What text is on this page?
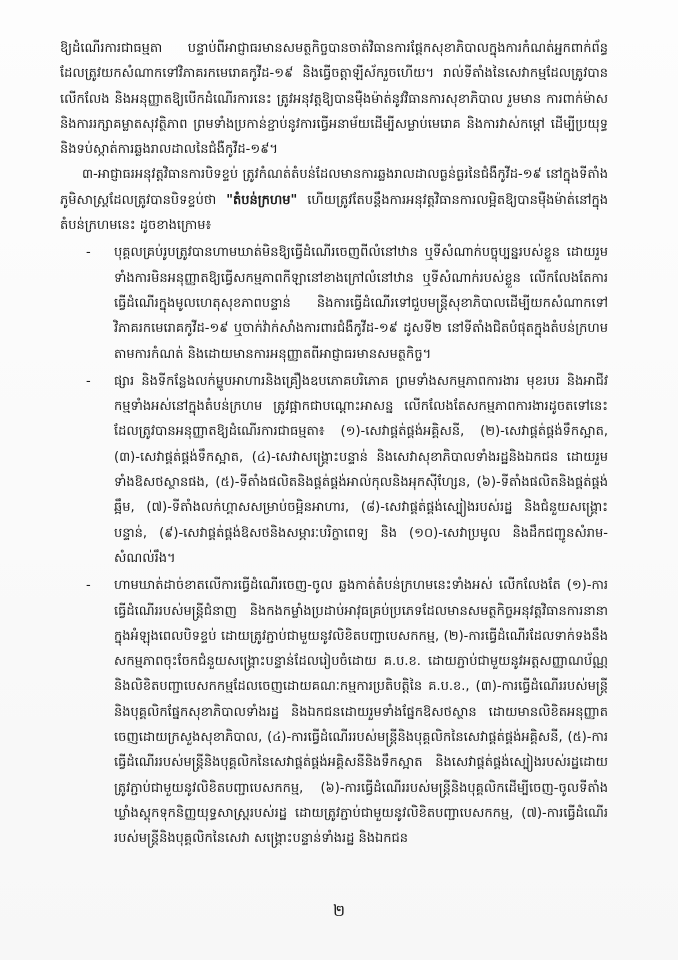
ឱ្យដំណើរការជាធម្មតា បន្ទាប់ពីអាជ្ញាធរមានសមត្ថកិច្ចបានចាត់វិធានការផ្ដែកសុខាភិបាលក្នុងការកំណត់អ្នកពាក់ព័ន្ធដែលត្រូវយកសំណាកទៅវិភាគរកមេរោគកូវីដ-១៩ និងធ្វើចត្តាឡីស័ករួចហើយ។ រាល់ទីតាំងនៃសេវាកម្មដែលត្រូវបានលើកលែង និងអនុញ្ញាតឱ្យបើកដំណើរការនេះ ត្រូវអនុវត្តឱ្យបានម៉ឺងម៉ាត់នូវវិធានការសុខាភិបាល រួមមាន ការពាក់ម៉ាស និងការរក្សាគម្លាតសុវត្ថិភាព ព្រមទាំងប្រកាន់ខ្ជាប់នូវការធ្វើអនាម័យដើម្បីសម្លាប់មេរោគ និងការវាស់កម្ដៅ ដើម្បីប្រយុទ្ធនិងទប់ស្កាត់ការឆ្លងរាលដាលនៃជំងឺកូវីដ-១៩។

៣-អាជ្ញាធរអនុវត្តវិធានការបិទខ្ទប់ ត្រូវកំណត់តំបន់ដែលមានការឆ្លងរាលដាលធ្ងន់ធ្ងរនៃជំងឺកូវីដ-១៩ នៅក្នុងទីតាំងភូមិសាស្ត្រដែលត្រូវបានបិទខ្ទប់ថា "តំបន់ក្រហម" ហើយត្រូវតែបន្ដឹងការអនុវត្តវិធានការលម្អិតឱ្យបានម៉ឺងម៉ាត់នៅក្នុងតំបន់ក្រហមនេះ ដូចខាងក្រោម៖

- បុគ្គលគ្រប់រូបត្រូវបានហាមឃាត់មិនឱ្យធ្វើដំណើរចេញពីលំនៅឋាន ឬទីសំណាក់បច្ចុប្បន្នរបស់ខ្លួន ដោយរួមទាំងការមិនអនុញ្ញាតឱ្យធ្វើសកម្មភាពកីឡានៅខាងក្រៅលំនៅឋាន ឬទីសំណាក់របស់ខ្លួន លើកលែងតែការធ្វើដំណើរក្នុងមូលហេតុសុខភាពបន្ទាន់ និងការធ្វើដំណើរទៅជួបមន្ត្រីសុខាភិបាលដើម្បីយកសំណាកទៅវិភាគរកមេរោគកូវីដ-១៩ ឬចាក់វ៉ាក់សាំងការពារជំងឺកូវីដ-១៩ ដូសទី២ នៅទីតាំងជិតបំផុតក្នុងតំបន់ក្រហមតាមការកំណត់ និងដោយមានការអនុញ្ញាតពីអាជ្ញាធរមានសមត្ថកិច្ច។
- ផ្សារ និងទីកន្លែងលក់ម្ហូបអាហារនិងគ្រឿងឧបភោគបរិភោគ ព្រមទាំងសកម្មភាពការងារ មុខរបរ និងអាជីវកម្មទាំងអស់នៅក្នុងតំបន់ក្រហម ត្រូវផ្អាកជាបណ្ដោះអាសន្ន លើកលែងតែសកម្មភាពការងារដូចតទៅនេះ ដែលត្រូវបានអនុញ្ញាតឱ្យដំណើរការជាធម្មតា៖ (១)-សេវាផ្គត់ផ្គង់អគ្គិសនី, (២)-សេវាផ្គត់ផ្គង់ទឹកស្អាត, (៣)-សេវាផ្គត់ផ្គង់ទឹកស្អាត, (៤)-សេវាសង្គ្រោះបន្ទាន់ និងសេវាសុខាភិបាលទាំងរដ្ឋនិងឯកជន ដោយរួមទាំងឱសថស្ថានផង, (៥)-ទីតាំងផលិតនិងផ្គត់ផ្គង់អាល់កុលនិងអុកស៊ីហ្សែន, (៦)-ទីតាំងផលិតនិងផ្គត់ផ្គង់ឆ្អឹម, (៧)-ទីតាំងលក់ហ្គាសសម្រាប់ចម្អិនអាហារ, (៨)-សេវាផ្គត់ផ្គង់ស្បៀងរបស់រដ្ឋ និងជំនួយសង្គ្រោះបន្ទាន់, (៩)-សេវាផ្គត់ផ្គង់ឱសថនិងសម្ភារៈបរិក្ខាពេទ្យ និង (១០)-សេវាប្រមូល និងដឹកជញ្ជូនសំរាម-សំណល់រឹង។
- ហាមឃាត់ដាច់ខាតលើការធ្វើដំណើរចេញ-ចូល ឆ្លងកាត់តំបន់ក្រហមនេះទាំងអស់ លើកលែងតែ (១)-ការធ្វើដំណើររបស់មន្ត្រីជំនាញ និងកងកម្លាំងប្រដាប់អាវុធគ្រប់ប្រភេទដែលមានសមត្ថកិច្ចអនុវត្តវិធានការនានាក្នុងអំឡុងពេលបិទខ្ទប់ ដោយត្រូវភ្ជាប់ជាមួយនូវលិខិតបញ្ជាបេសកកម្ម, (២)-ការធ្វើដំណើរដែលទាក់ទងនឹងសកម្មភាពចុះចែកជំនួយសង្គ្រោះបន្ទាន់ដែលរៀបចំដោយ គ.ប.ខ. ដោយភ្ជាប់ជាមួយនូវអត្តសញ្ញាណប័ណ្ណ និងលិខិតបញ្ជាបេសកកម្មដែលចេញដោយគណៈកម្មការប្រតិបត្តិនៃ គ.ប.ខ., (៣)-ការធ្វើដំណើររបស់មន្ត្រីនិងបុគ្គលិកផ្នែកសុខាភិបាលទាំងរដ្ឋ និងឯកជនដោយរួមទាំងផ្នែកឱសថស្ថាន ដោយមានលិខិតអនុញ្ញាតចេញដោយក្រសួងសុខាភិបាល, (៤)-ការធ្វើដំណើររបស់មន្ត្រីនិងបុគ្គលិកនៃសេវាផ្គត់ផ្គង់អគ្គិសនី, (៥)-ការធ្វើដំណើររបស់មន្ត្រីនិងបុគ្គលិកនៃសេវាផ្គត់ផ្គង់អគ្គិសនីនិងទឹកស្អាត និងសេវាផ្គត់ផ្គង់ស្បៀងរបស់រដ្ឋដោយត្រូវភ្ជាប់ជាមួយនូវលិខិតបញ្ជាបេសកកម្ម, (៦)-ការធ្វើដំណើររបស់មន្ត្រីនិងបុគ្គលិកដើម្បីចេញ-ចូលទីតាំងឃ្លាំងស្តុកទុកនិញ្ញយុទ្ធសាស្ត្ររបស់រដ្ឋ ដោយត្រូវភ្ជាប់ជាមួយនូវលិខិតបញ្ជាបេសកកម្ម, (៧)-ការធ្វើដំណើររបស់មន្ត្រីនិងបុគ្គលិកនៃសេវា សង្គ្រោះបន្ទាន់ទាំងរដ្ឋ និងឯកជន
២
